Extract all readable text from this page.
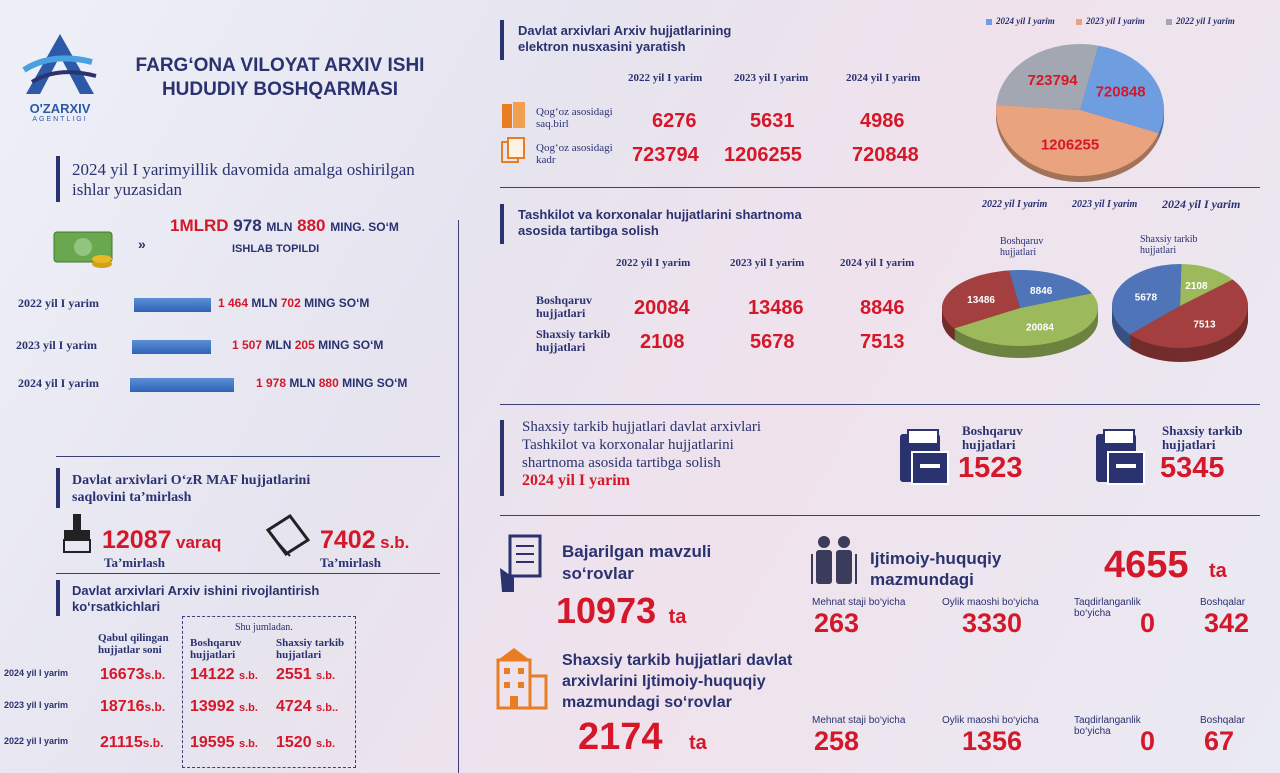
O'ZARXIV
AGENTLIGI
FARG‘ONA VILOYAT ARXIV ISHI
HUDUDIY BOSHQARMASI
2024 yil I yarimyillik davomida amalga oshirilgan
ishlar yuzasidan
»
1MLRD 978 MLN 880 MING. SO‘M
ISHLAB TOPILDI
2022 yil I yarim	1 464 MLN 702 MING SO‘M
2023 yil I yarim	1 507 MLN 205 MING SO‘M
2024 yil I yarim	1 978 MLN 880 MING SO‘M
Davlat arxivlari O‘zR MAF hujjatlarini
saqlovini ta’mirlash
12087 varaq
Ta’mirlash
7402 s.b.
Ta’mirlash
Davlat arxivlari Arxiv ishini rivojlantirish
ko‘rsatkichlari
Qabul qilingan
hujjatlar soni
Shu jumladan.
Boshqaruv
hujjatlari
Shaxsiy tarkib
hujjatlari
2024 yil I yarim 16673s.b. 14122 s.b. 2551 s.b.
2023 yil I yarim 18716s.b. 13992 s.b. 4724 s.b..
2022 yil I yarim 21115s.b. 19595 s.b. 1520 s.b.
Davlat arxivlari Arxiv hujjatlarining
elektron nusxasini yaratish
2022 yil I yarim	2023 yil I yarim	2024 yil I yarim
Qog‘oz asosidagi
saq.birl
Qog‘oz asosidagi
kadr
6276	5631	4986
723794 1206255	720848
2024 yil I yarim	2023 yil I yarim	2022 yil I yarim
720848
1206255
723794
Tashkilot va korxonalar hujjatlarini shartnoma
asosida tartibga solish
2022 yil I yarim 2023 yil I yarim 2024 yil I yarim
2022 yil I yarim	2023 yil I yarim	2024 yil I yarim
Boshqaruv
hujjatlari
Shaxsiy tarkib
hujjatlari
20084	13486	8846
2108	5678	7513
Boshqaruv
hujjatlari
Shaxsiy tarkib
hujjatlari
20084
13486
8846	2108
7513
5678
Shaxsiy tarkib hujjatlari davlat arxivlari
Tashkilot va korxonalar hujjatlarini
shartnoma asosida tartibga solish
2024 yil I yarim
Boshqaruv
hujjatlari
1523
Shaxsiy tarkib
hujjatlari
5345
Bajarilgan mavzuli
so‘rovlar
10973 ta
Ijtimoiy-huquqiy
mazmundagi	4655 ta
Mehnat staji bo‘yicha	Oylik maoshi bo‘yicha	Taqdirlanganlik bo‘yicha
Boshqalar
263	3330	0 342
Shaxsiy tarkib hujjatlari davlat
arxivlarini Ijtimoiy-huquqiy
mazmundagi so‘rovlar
2174 ta
Mehnat staji bo‘yicha	Oylik maoshi bo‘yicha	Taqdirlanganlik bo‘yicha
Boshqalar
258	1356	0 67
